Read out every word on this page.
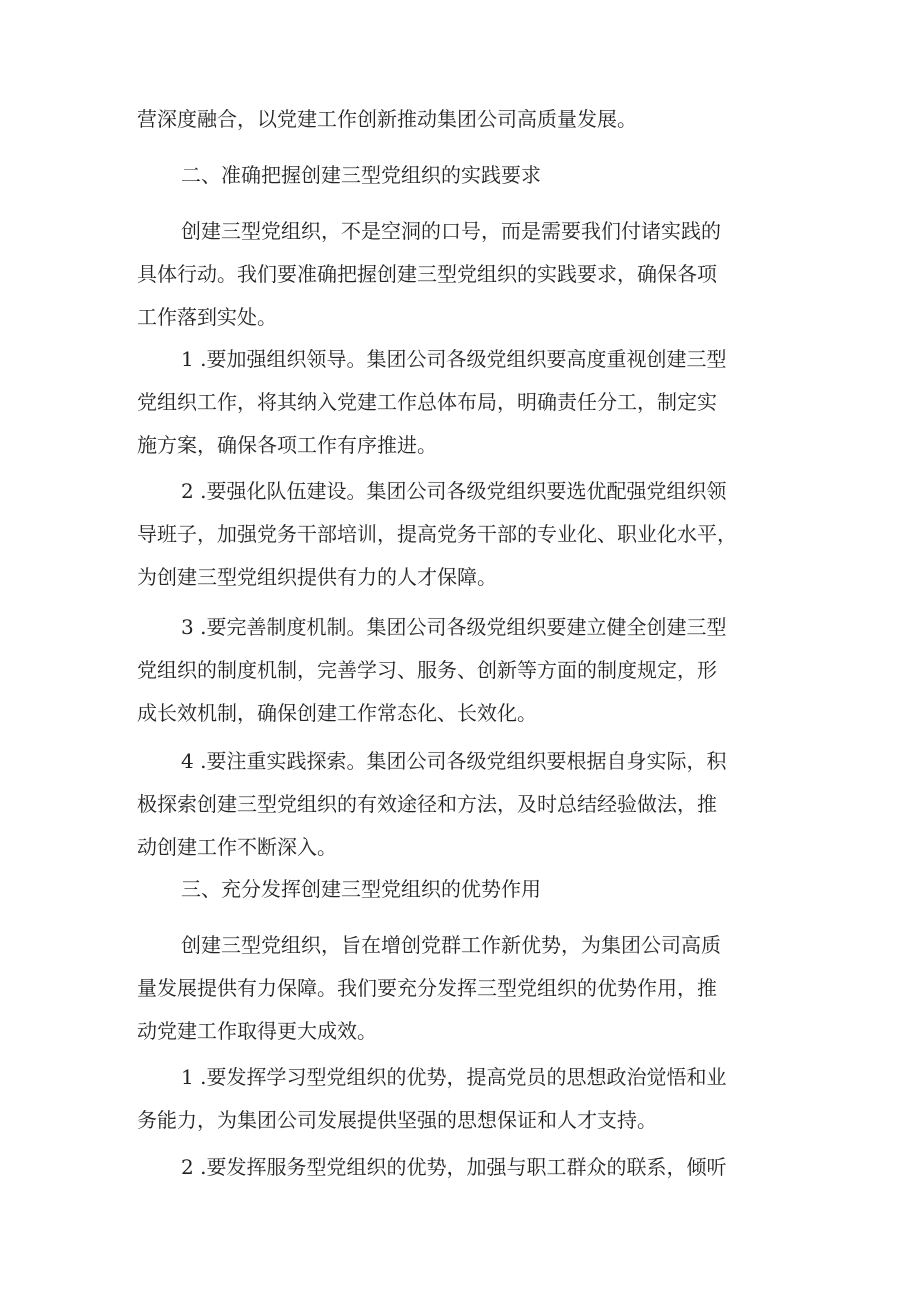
营深度融合，以党建工作创新推动集团公司高质量发展。

二、准确把握创建三型党组织的实践要求

创建三型党组织，不是空洞的口号，而是需要我们付诸实践的
具体行动。我们要准确把握创建三型党组织的实践要求，确保各项
工作落到实处。

1 .要加强组织领导。集团公司各级党组织要高度重视创建三型
党组织工作，将其纳入党建工作总体布局，明确责任分工，制定实
施方案，确保各项工作有序推进。

2 .要强化队伍建设。集团公司各级党组织要选优配强党组织领
导班子，加强党务干部培训，提高党务干部的专业化、职业化水平，
为创建三型党组织提供有力的人才保障。

3 .要完善制度机制。集团公司各级党组织要建立健全创建三型
党组织的制度机制，完善学习、服务、创新等方面的制度规定，形
成长效机制，确保创建工作常态化、长效化。

4 .要注重实践探索。集团公司各级党组织要根据自身实际，积
极探索创建三型党组织的有效途径和方法，及时总结经验做法，推
动创建工作不断深入。

三、充分发挥创建三型党组织的优势作用

创建三型党组织，旨在增创党群工作新优势，为集团公司高质
量发展提供有力保障。我们要充分发挥三型党组织的优势作用，推
动党建工作取得更大成效。

1 .要发挥学习型党组织的优势，提高党员的思想政治觉悟和业
务能力，为集团公司发展提供坚强的思想保证和人才支持。

2 .要发挥服务型党组织的优势，加强与职工群众的联系，倾听
